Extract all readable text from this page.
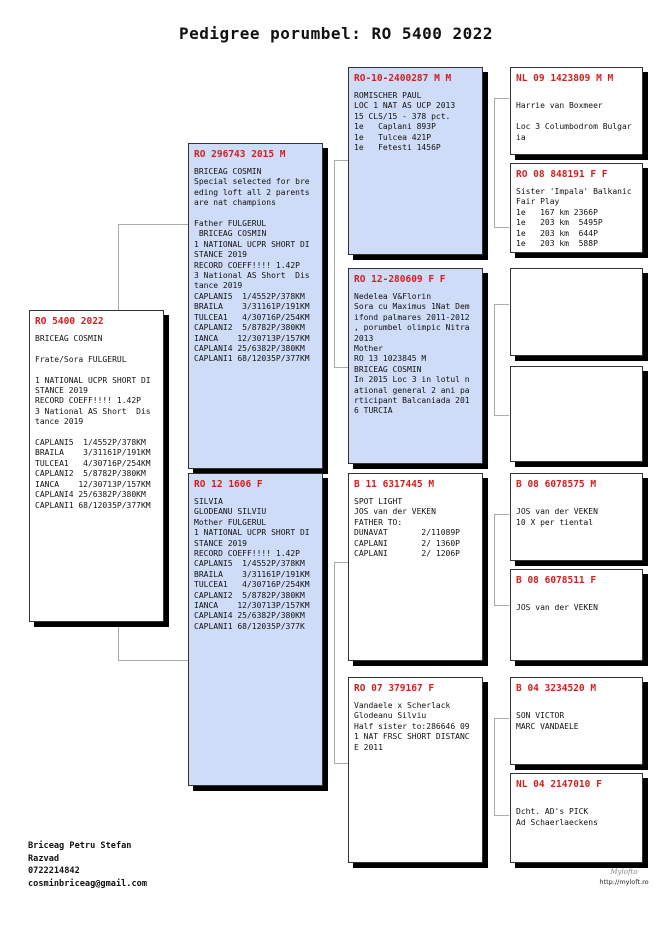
Pedigree porumbel: RO 5400 2022
RO 5400 2022
BRICEAG COSMIN

Frate/Sora FULGERUL

1 NATIONAL UCPR SHORT DI
STANCE 2019
RECORD COEFF!!!! 1.42P
3 National AS Short  Dis
tance 2019

CAPLANI5  1/4552P/378KM
BRAILA    3/31161P/191KM
TULCEA1   4/30716P/254KM
CAPLANI2  5/8782P/380KM
IANCA    12/30713P/157KM
CAPLANI4 25/6382P/380KM
CAPLANI1 68/12035P/377KM
RO 296743 2015 M
BRICEAG COSMIN
Special selected for bre
eding loft all 2 parents
are nat champions

Father FULGERUL
BRICEAG COSMIN
1 NATIONAL UCPR SHORT DI
STANCE 2019
RECORD COEFF!!!! 1.42P
3 National AS Short  Dis
tance 2019
CAPLANI5  1/4552P/378KM
BRAILA    3/31161P/191KM
TULCEA1   4/30716P/254KM
CAPLANI2  5/8782P/380KM
IANCA    12/30713P/157KM
CAPLANI4 25/6382P/380KM
CAPLANI1 68/12035P/377KM
RO 12 1606 F
SILVIA
GLODEANU SILVIU
Mother FULGERUL
1 NATIONAL UCPR SHORT DI
STANCE 2019
RECORD COEFF!!!! 1.42P
CAPLANI5  1/4552P/378KM
BRAILA    3/31161P/191KM
TULCEA1   4/30716P/254KM
CAPLANI2  5/8782P/380KM
IANCA    12/30713P/157KM
CAPLANI4 25/6382P/380KM
CAPLANI1 68/12035P/377K
RO-10-2400287 M M
ROMISCHER PAUL
LOC 1 NAT AS UCP 2013
15 CLS/15 - 378 pct.
1e   Caplani 893P
1e   Tulcea 421P
1e   Fetesti 1456P
RO 12-280609 F F
Nedelea V&Florin
Sora cu Maximus 1Nat Dem
ifond palmares 2011-2012
, porumbel olimpic Nitra
2013
Mother
RO 13 1023845 M
BRICEAG COSMIN
In 2015 Loc 3 in lotul n
ational general 2 ani pa
rticipant Balcaniada 201
6 TURCIA
B 11 6317445 M
SPOT LIGHT
JOS van der VEKEN
FATHER TO:
DUNAVAT       2/11089P
CAPLANI       2/ 1360P
CAPLANI       2/ 1206P
RO 07 379167 F
Vandaele x Scherlack
Glodeanu Silviu
Half sister to:286646 09
1 NAT FRSC SHORT DISTANC
E 2011
NL 09 1423809 M M

Harrie van Boxmeer

Loc 3 Columbodrom Bulgar
ia
RO 08 848191 F F
Sister 'Impala' Balkanic
Fair Play
1e   167 km 2366P
1e   203 km  5495P
1e   203 km  644P
1e   203 km  588P
B 08 6078575 M

JOS van der VEKEN
10 X per tiental
B 08 6078511 F

JOS van der VEKEN
B 04 3234520 M

SON VICTOR
MARC VANDAELE
NL 04 2147010 F

Dcht. AD's PICK
Ad Schaerlaeckens
Briceag Petru Stefan
Razvad
0722214842
cosminbriceag@gmail.com
Mylofto
http://myloft.ro
